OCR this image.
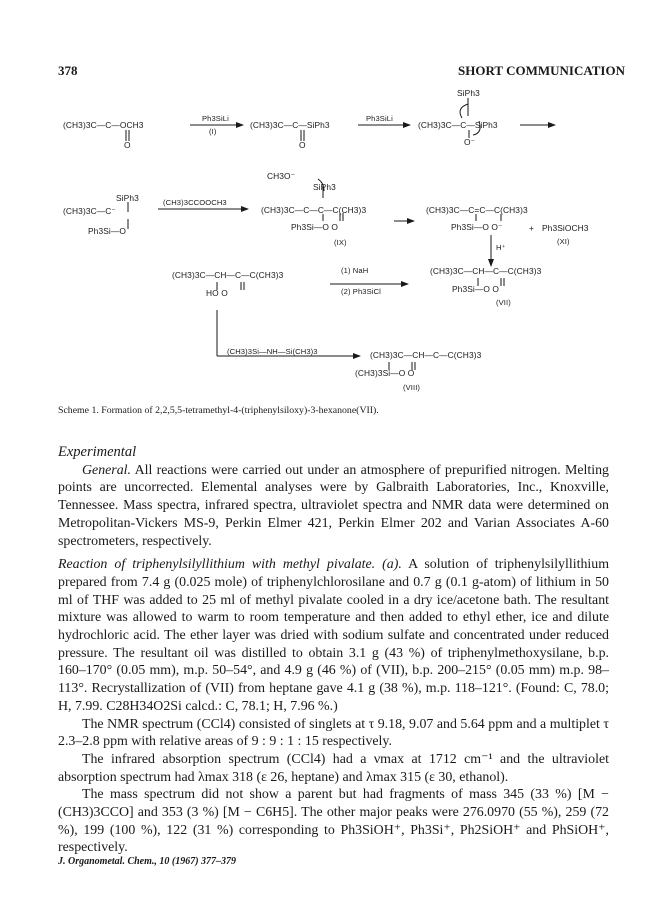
378	SHORT COMMUNICATION
(CH3)3C—C—OCH3
O
Ph3SiLi
(I)
(CH3)3C—C—SiPh3
O
Ph3SiLi
SiPh3
(CH3)3C—C—SiPh3
O⁻
SiPh3
(CH3)3C—C⁻
Ph3Si—O
(CH3)3CCOOCH3
CH3O⁻
SiPh3
(CH3)3C—C—C—C(CH3)3
Ph3Si—O O
(IX)
(CH3)3C—C=C—C(CH3)3
Ph3Si—O O⁻	+ Ph3SiOCH3
(XI)
H⁺
(CH3)3C—CH—C—C(CH3)3
HO O
(1) NaH
(2) Ph3SiCl
(CH3)3C—CH—C—C(CH3)3
Ph3Si—O O
(VII)
(CH3)3Si—NH—Si(CH3)3	(CH3)3C—CH—C—C(CH3)3
(CH3)3Si—O O
(VIII)
Scheme 1. Formation of 2,2,5,5-tetramethyl-4-(triphenylsiloxy)-3-hexanone(VII).

Experimental

General. All reactions were carried out under an atmosphere of prepurified nitrogen. Melting points are uncorrected. Elemental analyses were by Galbraith Laboratories, Inc., Knoxville, Tennessee. Mass spectra, infrared spectra, ultraviolet spectra and NMR data were determined on Metropolitan-Vickers MS-9, Perkin Elmer 421, Perkin Elmer 202 and Varian Associates A-60 spectrometers, respectively.

Reaction of triphenylsilyllithium with methyl pivalate. (a). A solution of triphenylsilyllithium prepared from 7.4 g (0.025 mole) of triphenylchlorosilane and 0.7 g (0.1 g-atom) of lithium in 50 ml of THF was added to 25 ml of methyl pivalate cooled in a dry ice/acetone bath. The resultant mixture was allowed to warm to room temperature and then added to ethyl ether, ice and dilute hydrochloric acid. The ether layer was dried with sodium sulfate and concentrated under reduced pressure. The resultant oil was distilled to obtain 3.1 g (43 %) of triphenylmethoxysilane, b.p. 160–170° (0.05 mm), m.p. 50–54°, and 4.9 g (46 %) of (VII), b.p. 200–215° (0.05 mm) m.p. 98–113°. Recrystallization of (VII) from heptane gave 4.1 g (38 %), m.p. 118–121°. (Found: C, 78.0; H, 7.99. C28H34O2Si calcd.: C, 78.1; H, 7.96 %.)

The NMR spectrum (CCl4) consisted of singlets at τ 9.18, 9.07 and 5.64 ppm and a multiplet τ 2.3–2.8 ppm with relative areas of 9 : 9 : 1 : 15 respectively.

The infrared absorption spectrum (CCl4) had a νmax at 1712 cm⁻¹ and the ultraviolet absorption spectrum had λmax 318 (ε 26, heptane) and λmax 315 (ε 30, ethanol).

The mass spectrum did not show a parent but had fragments of mass 345 (33 %) [M − (CH3)3CCO] and 353 (3 %) [M − C6H5]. The other major peaks were 276.0970 (55 %), 259 (72 %), 199 (100 %), 122 (31 %) corresponding to Ph3SiOH⁺, Ph3Si⁺, Ph2SiOH⁺ and PhSiOH⁺, respectively.

J. Organometal. Chem., 10 (1967) 377–379
